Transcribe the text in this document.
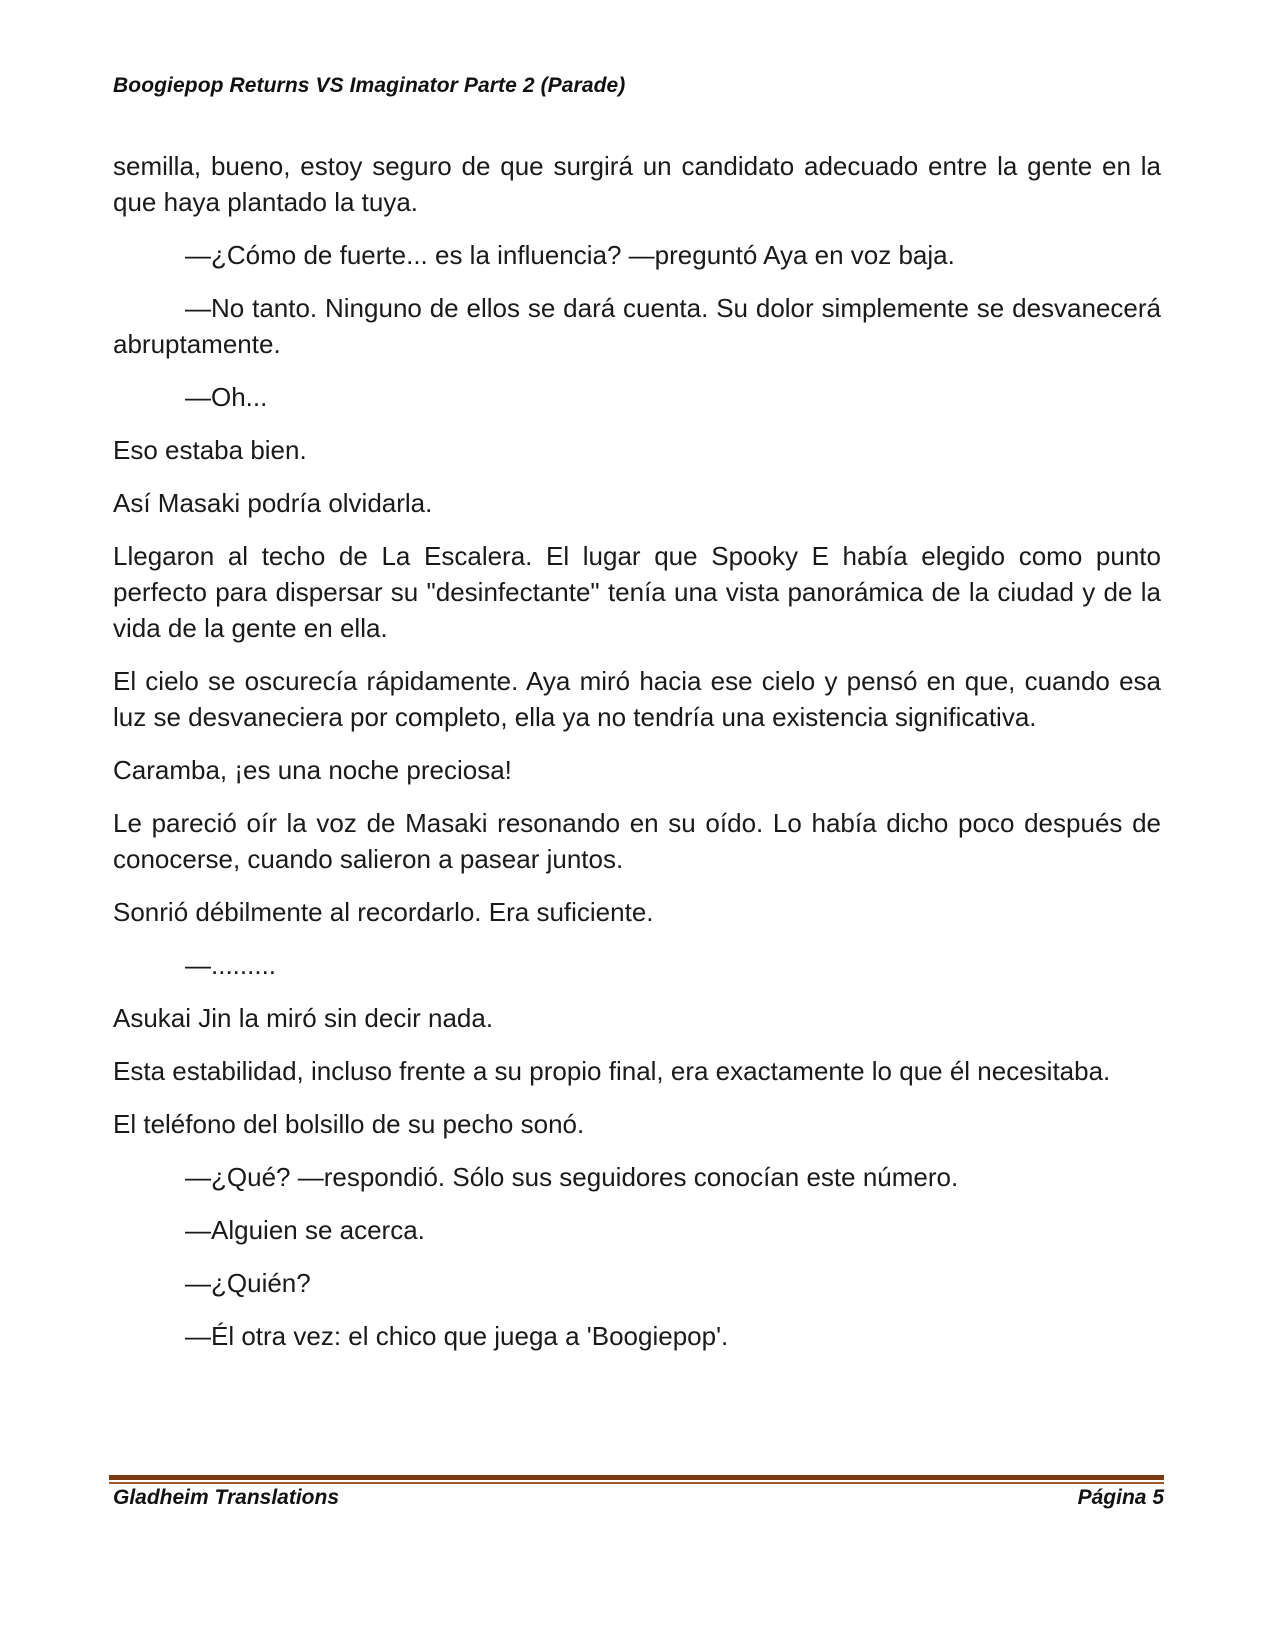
Boogiepop Returns VS Imaginator Parte 2 (Parade)

semilla, bueno, estoy seguro de que surgirá un candidato adecuado entre la gente en la que haya plantado la tuya.

—¿Cómo de fuerte... es la influencia? —preguntó Aya en voz baja.

—No tanto. Ninguno de ellos se dará cuenta. Su dolor simplemente se desvanecerá abruptamente.

—Oh...

Eso estaba bien.

Así Masaki podría olvidarla.

Llegaron al techo de La Escalera. El lugar que Spooky E había elegido como punto perfecto para dispersar su "desinfectante" tenía una vista panorámica de la ciudad y de la vida de la gente en ella.

El cielo se oscurecía rápidamente. Aya miró hacia ese cielo y pensó en que, cuando esa luz se desvaneciera por completo, ella ya no tendría una existencia significativa.

Caramba, ¡es una noche preciosa!

Le pareció oír la voz de Masaki resonando en su oído. Lo había dicho poco después de conocerse, cuando salieron a pasear juntos.

Sonrió débilmente al recordarlo. Era suficiente.

—.........

Asukai Jin la miró sin decir nada.

Esta estabilidad, incluso frente a su propio final, era exactamente lo que él necesitaba.

El teléfono del bolsillo de su pecho sonó.

—¿Qué? —respondió. Sólo sus seguidores conocían este número.

—Alguien se acerca.

—¿Quién?

—Él otra vez: el chico que juega a 'Boogiepop'.

Gladheim Translations	Página 5
